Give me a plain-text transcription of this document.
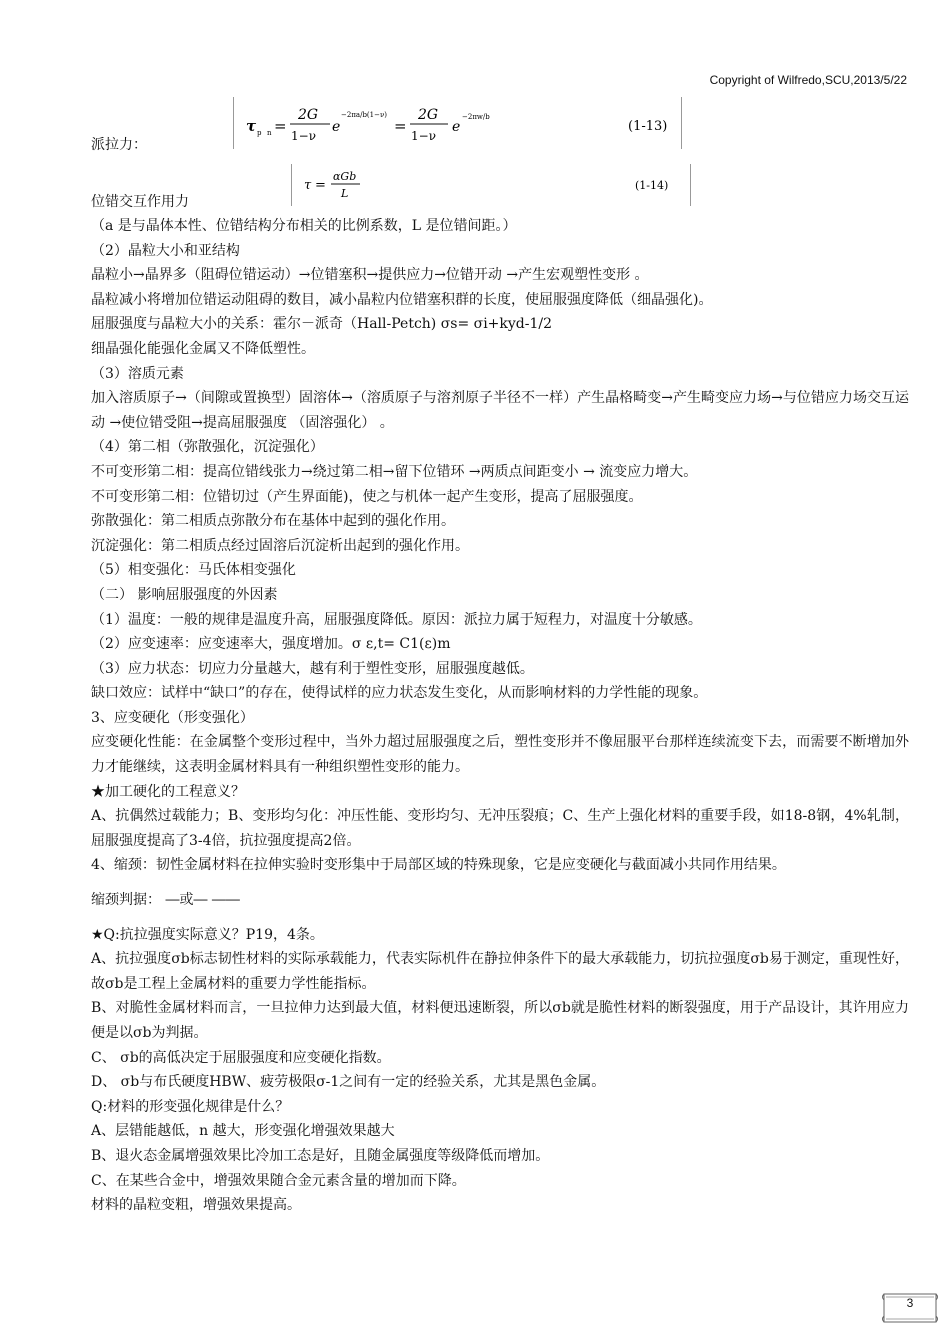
Copyright of Wilfredo,SCU,2013/5/22
派拉力：
τ p n =
2G
1−ν
e
−2πa/b(1−ν)
=
2G
1−ν
e
−2πw/b
(1-13)
位错交互作用力
τ =
αGb
L
(1-14)

（a 是与晶体本性、位错结构分布相关的比例系数，L 是位错间距。）

（2）晶粒大小和亚结构

晶粒小→晶界多（阻碍位错运动）→位错塞积→提供应力→位错开动 →产生宏观塑性变形 。

晶粒减小将增加位错运动阻碍的数目，减小晶粒内位错塞积群的长度，使屈服强度降低（细晶强化)。

屈服强度与晶粒大小的关系：霍尔－派奇（Hall-Petch) σs= σi+kyd-1/2

细晶强化能强化金属又不降低塑性。

（3）溶质元素

加入溶质原子→（间隙或置换型）固溶体→（溶质原子与溶剂原子半径不一样）产生晶格畸变→产生畸变应力场→与位错应力场交互运动 →使位错受阻→提高屈服强度 （固溶强化） 。

（4）第二相（弥散强化，沉淀强化）

不可变形第二相：提高位错线张力→绕过第二相→留下位错环 →两质点间距变小 → 流变应力增大。

不可变形第二相：位错切过（产生界面能)，使之与机体一起产生变形，提高了屈服强度。

弥散强化：第二相质点弥散分布在基体中起到的强化作用。

沉淀强化：第二相质点经过固溶后沉淀析出起到的强化作用。

（5）相变强化：马氏体相变强化

（二） 影响屈服强度的外因素

（1）温度：一般的规律是温度升高，屈服强度降低。原因：派拉力属于短程力，对温度十分敏感。

（2）应变速率：应变速率大，强度增加。σ ε,t= C1(ε)m

（3）应力状态：切应力分量越大，越有利于塑性变形，屈服强度越低。

缺口效应：试样中“缺口”的存在，使得试样的应力状态发生变化，从而影响材料的力学性能的现象。

3、应变硬化（形变强化）

应变硬化性能：在金属整个变形过程中，当外力超过屈服强度之后，塑性变形并不像屈服平台那样连续流变下去，而需要不断增加外力才能继续，这表明金属材料具有一种组织塑性变形的能力。

★加工硬化的工程意义？

A、抗偶然过载能力；B、变形均匀化：冲压性能、变形均匀、无冲压裂痕；C、生产上强化材料的重要手段，如18-8钢，4%轧制，屈服强度提高了3-4倍，抗拉强度提高2倍。

4、缩颈：韧性金属材料在拉伸实验时变形集中于局部区域的特殊现象，它是应变硬化与截面减小共同作用结果。

缩颈判据： ―或― ――

★Q:抗拉强度实际意义？P19，4条。

A、抗拉强度σb标志韧性材料的实际承载能力，代表实际机件在静拉伸条件下的最大承载能力，切抗拉强度σb易于测定，重现性好，故σb是工程上金属材料的重要力学性能指标。

B、对脆性金属材料而言，一旦拉伸力达到最大值，材料便迅速断裂，所以σb就是脆性材料的断裂强度，用于产品设计，其许用应力便是以σb为判据。

C、 σb的高低决定于屈服强度和应变硬化指数。

D、 σb与布氏硬度HBW、疲劳极限σ-1之间有一定的经验关系，尤其是黑色金属。

Q:材料的形变强化规律是什么？

A、层错能越低，n 越大，形变强化增强效果越大

B、退火态金属增强效果比冷加工态是好，且随金属强度等级降低而增加。

C、在某些合金中，增强效果随合金元素含量的增加而下降。

材料的晶粒变粗，增强效果提高。

3
